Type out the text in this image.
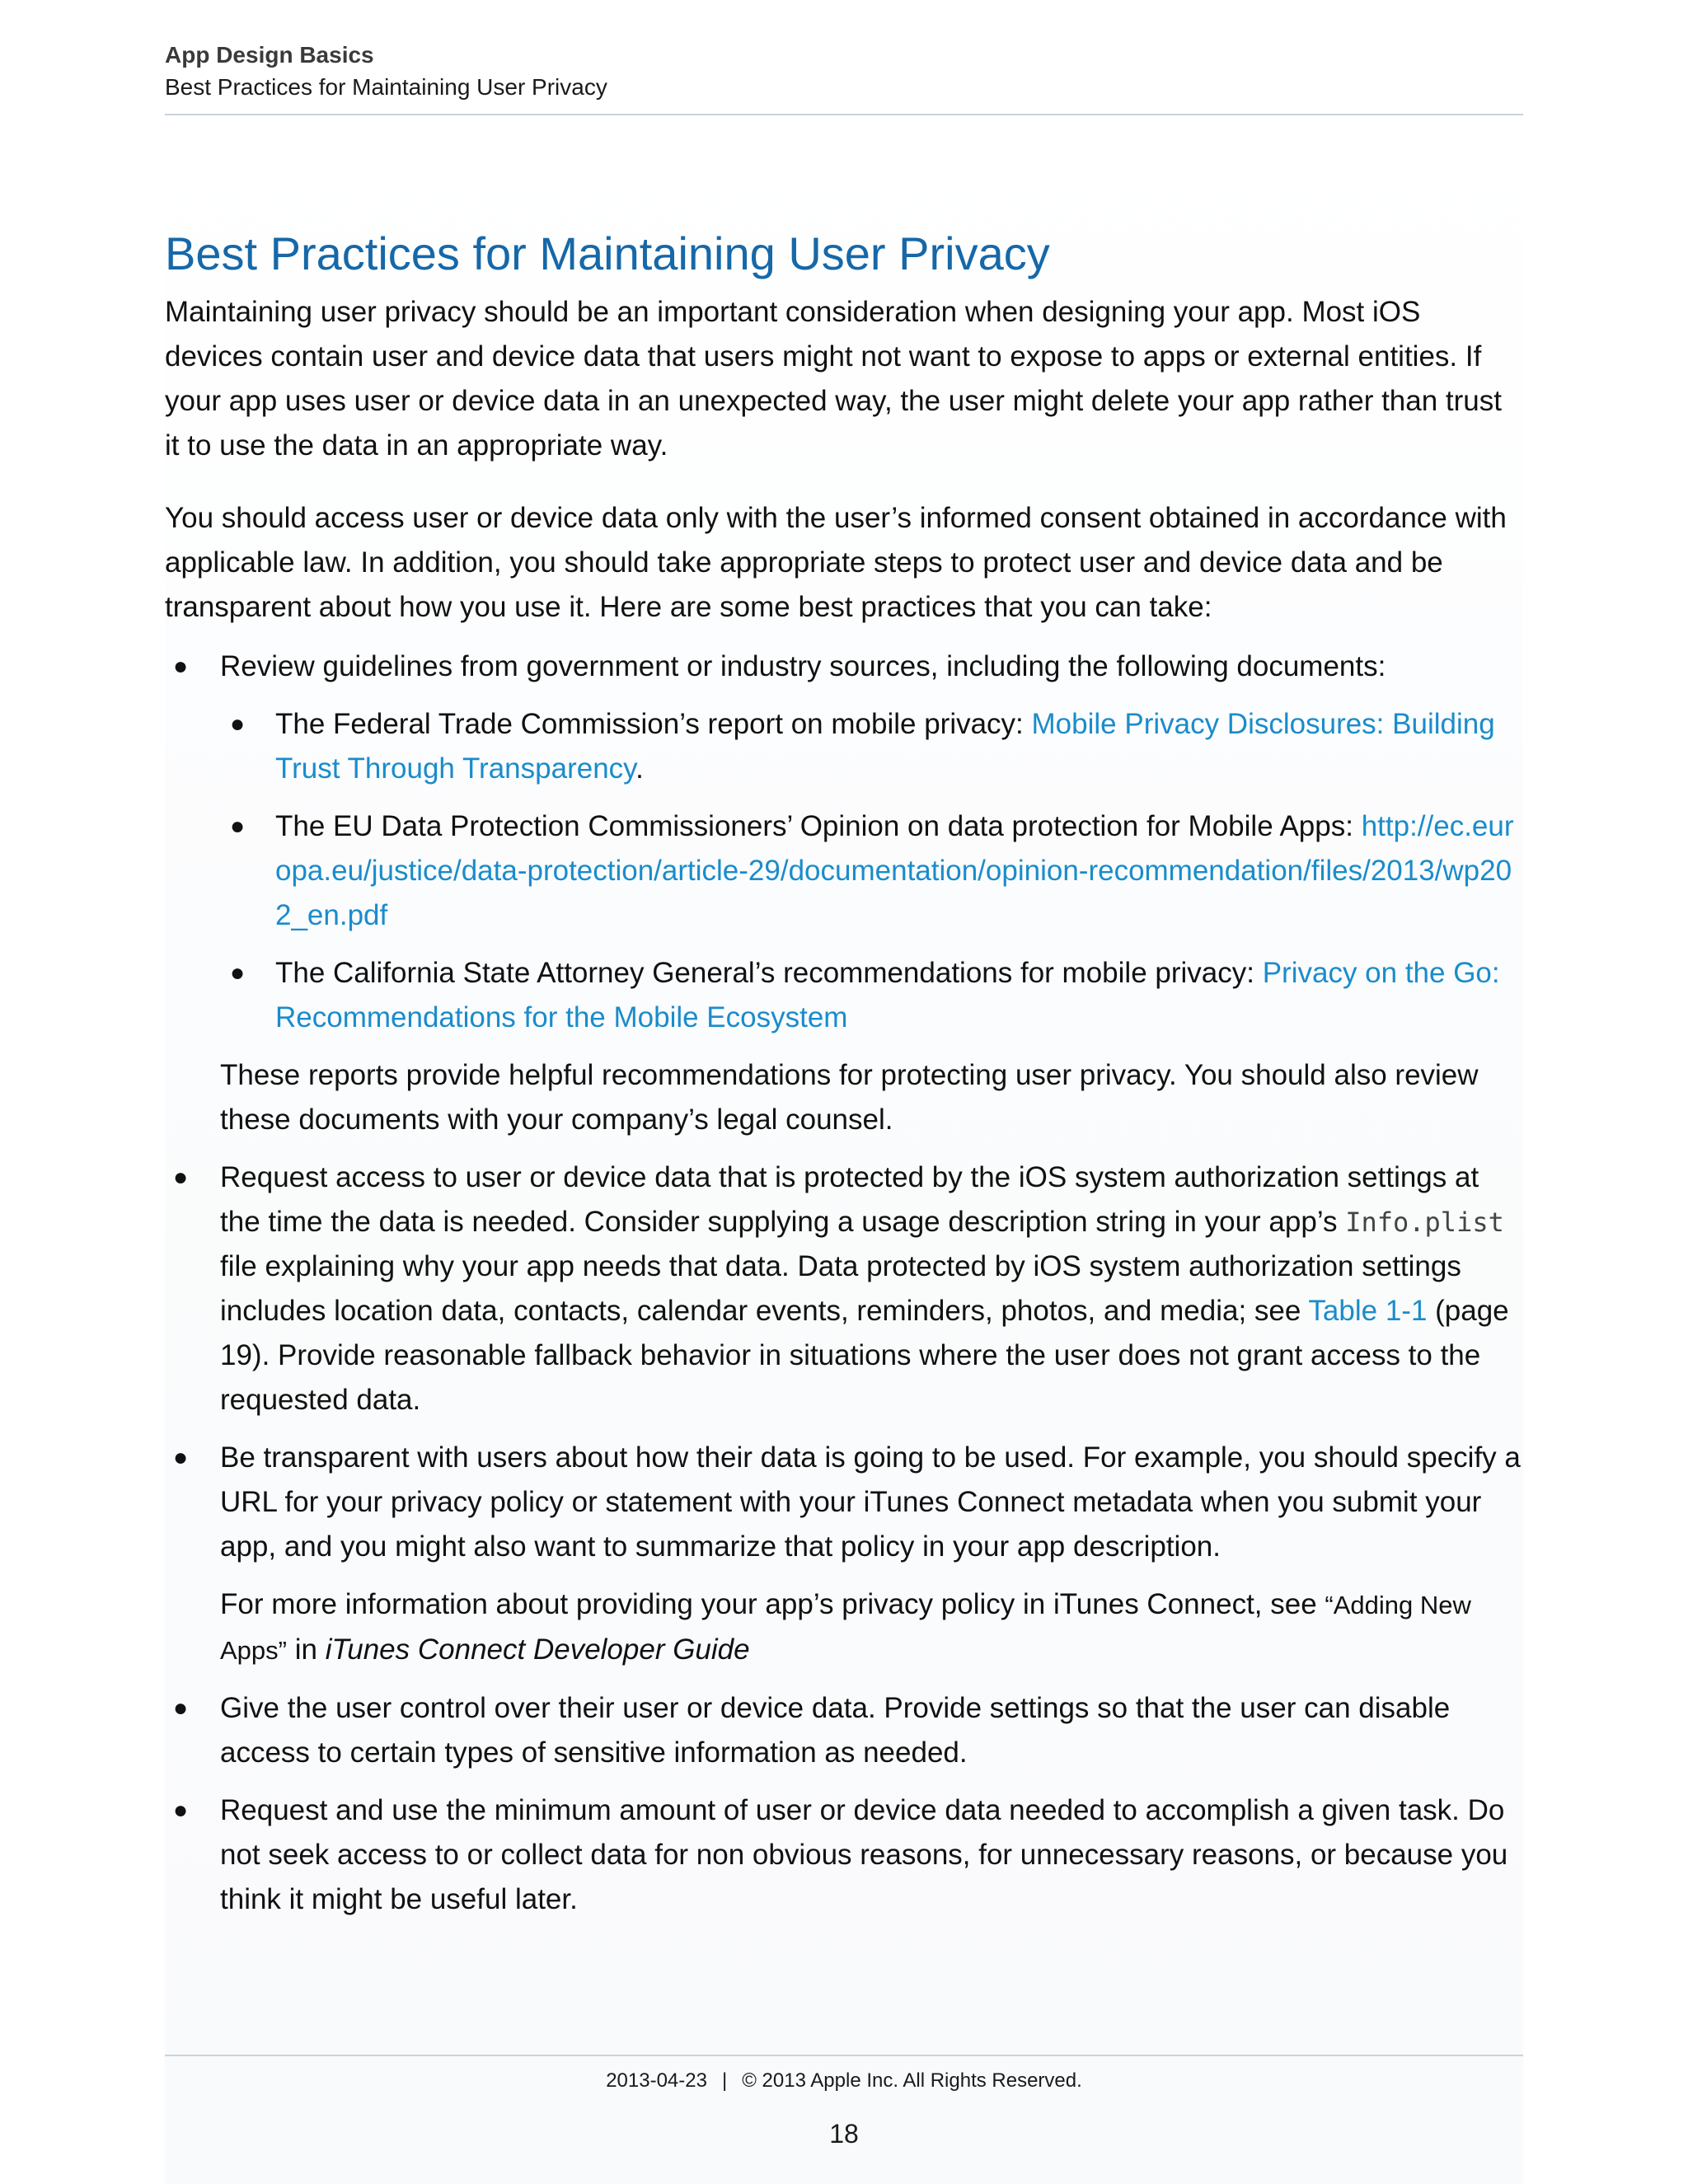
App Design Basics
Best Practices for Maintaining User Privacy
Best Practices for Maintaining User Privacy

Maintaining user privacy should be an important consideration when designing your app. Most iOS devices contain user and device data that users might not want to expose to apps or external entities. If your app uses user or device data in an unexpected way, the user might delete your app rather than trust it to use the data in an appropriate way.

You should access user or device data only with the user’s informed consent obtained in accordance with applicable law. In addition, you should take appropriate steps to protect user and device data and be transparent about how you use it. Here are some best practices that you can take:

● Review guidelines from government or industry sources, including the following documents:

● The Federal Trade Commission’s report on mobile privacy: Mobile Privacy Disclosures: Building Trust Through Transparency.
● The EU Data Protection Commissioners’ Opinion on data protection for Mobile Apps: http://ec.europa.eu/justice/data-protection/article-29/documentation/opinion-recommendation/files/2013/wp202_en.pdf
● The California State Attorney General’s recommendations for mobile privacy: Privacy on the Go: Recommendations for the Mobile Ecosystem

These reports provide helpful recommendations for protecting user privacy. You should also review these documents with your company’s legal counsel.

● Request access to user or device data that is protected by the iOS system authorization settings at the time the data is needed. Consider supplying a usage description string in your app’s Info.plist file explaining why your app needs that data. Data protected by iOS system authorization settings includes location data, contacts, calendar events, reminders, photos, and media; see Table 1-1 (page 19). Provide reasonable fallback behavior in situations where the user does not grant access to the requested data.

● Be transparent with users about how their data is going to be used. For example, you should specify a URL for your privacy policy or statement with your iTunes Connect metadata when you submit your app, and you might also want to summarize that policy in your app description.

For more information about providing your app’s privacy policy in iTunes Connect, see “Adding New Apps” in iTunes Connect Developer Guide

● Give the user control over their user or device data. Provide settings so that the user can disable access to certain types of sensitive information as needed.

● Request and use the minimum amount of user or device data needed to accomplish a given task. Do not seek access to or collect data for non obvious reasons, for unnecessary reasons, or because you think it might be useful later.

2013-04-23 | © 2013 Apple Inc. All Rights Reserved.
18
